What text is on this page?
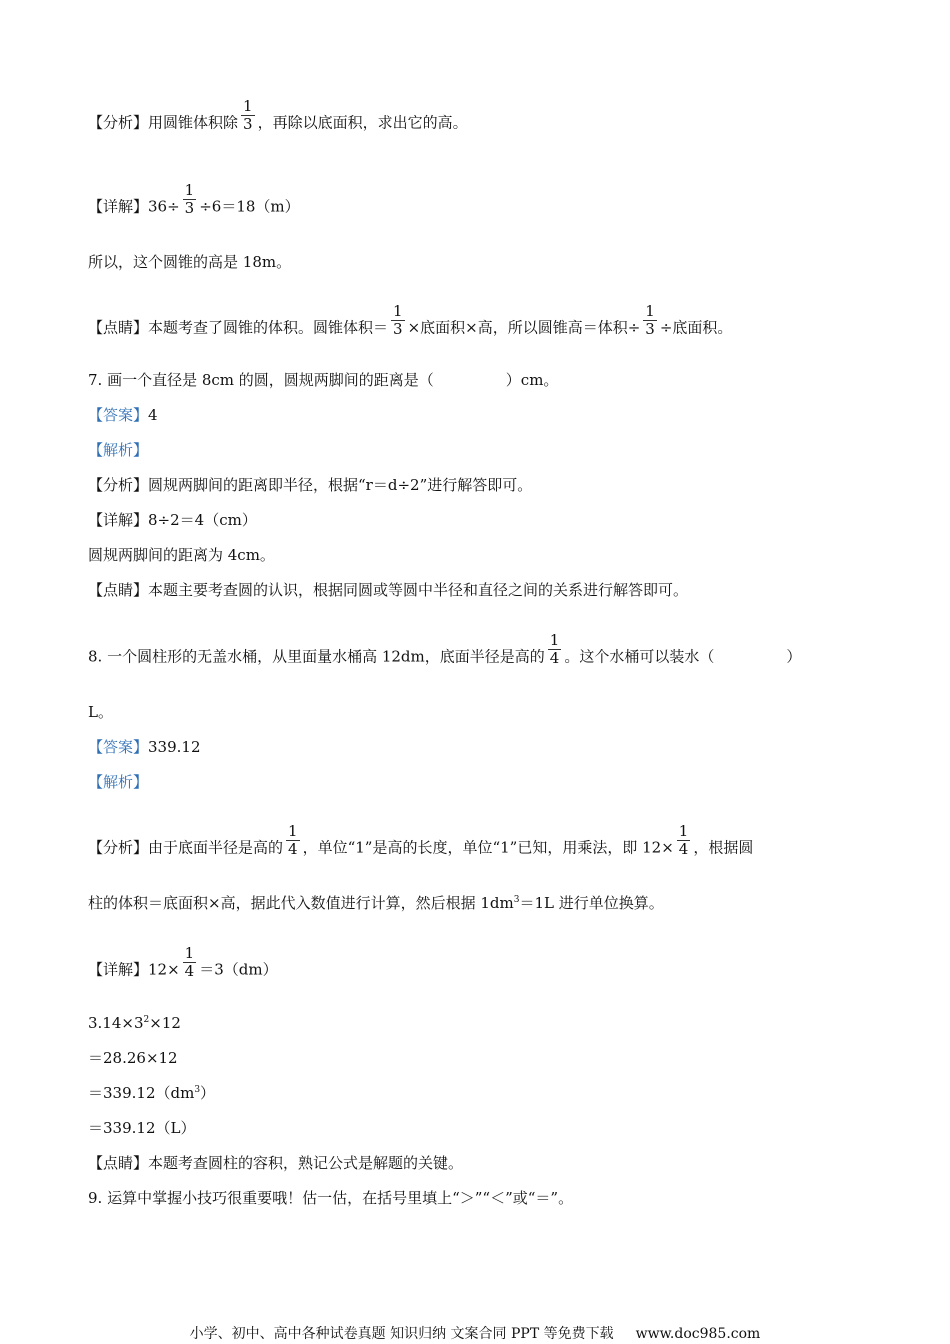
【分析】用圆锥体积除 $\frac{1}{3}$ ，再除以底面积，求出它的高。
【详解】$36\div \frac{1}{3} \div 6=18(m)$
所以，这个圆锥的高是 18m。
【点睛】本题考查了圆锥的体积。圆锥体积＝ $\frac{1}{3}$ ×底面积×高，所以圆锥高＝体积÷ $\frac{1}{3}$ ÷底面积。
7. 画一个直径是 8cm 的圆，圆规两脚间的距离是（	）cm。
【答案】4
【解析】
【分析】圆规两脚间的距离即半径，根据“r＝d÷2”进行解答即可。
【详解】8÷2＝4（cm）
圆规两脚间的距离为 4cm。
【点睛】本题主要考查圆的认识，根据同圆或等圆中半径和直径之间的关系进行解答即可。
8. 一个圆柱形的无盖水桶，从里面量水桶高 12dm，底面半径是高的 $\frac{1}{4}$ 。这个水桶可以装水（	）
L。
【答案】339.12
【解析】
【分析】由于底面半径是高的 $\frac{1}{4}$ ，单位“1”是高的长度，单位“1”已知，用乘法，即 $12\times \frac{1}{4}$ ，根据圆
柱的体积＝底面积×高，据此代入数值进行计算，然后根据 $1dm^3=1L$ 进行单位换算。
【详解】$12\times \frac{1}{4} =3(dm)$
$3.14\times 3^2\times 12$
＝28.26×12
$=339.12(dm^3)$
＝339.12（L）
【点睛】本题考查圆柱的容积，熟记公式是解题的关键。
9. 运算中掌握小技巧很重要哦！估一估，在括号里填上“＞”“＜”或“＝”。
小学、初中、高中各种试卷真题 知识归纳 文案合同 PPT 等免费下载 www.doc985.com
